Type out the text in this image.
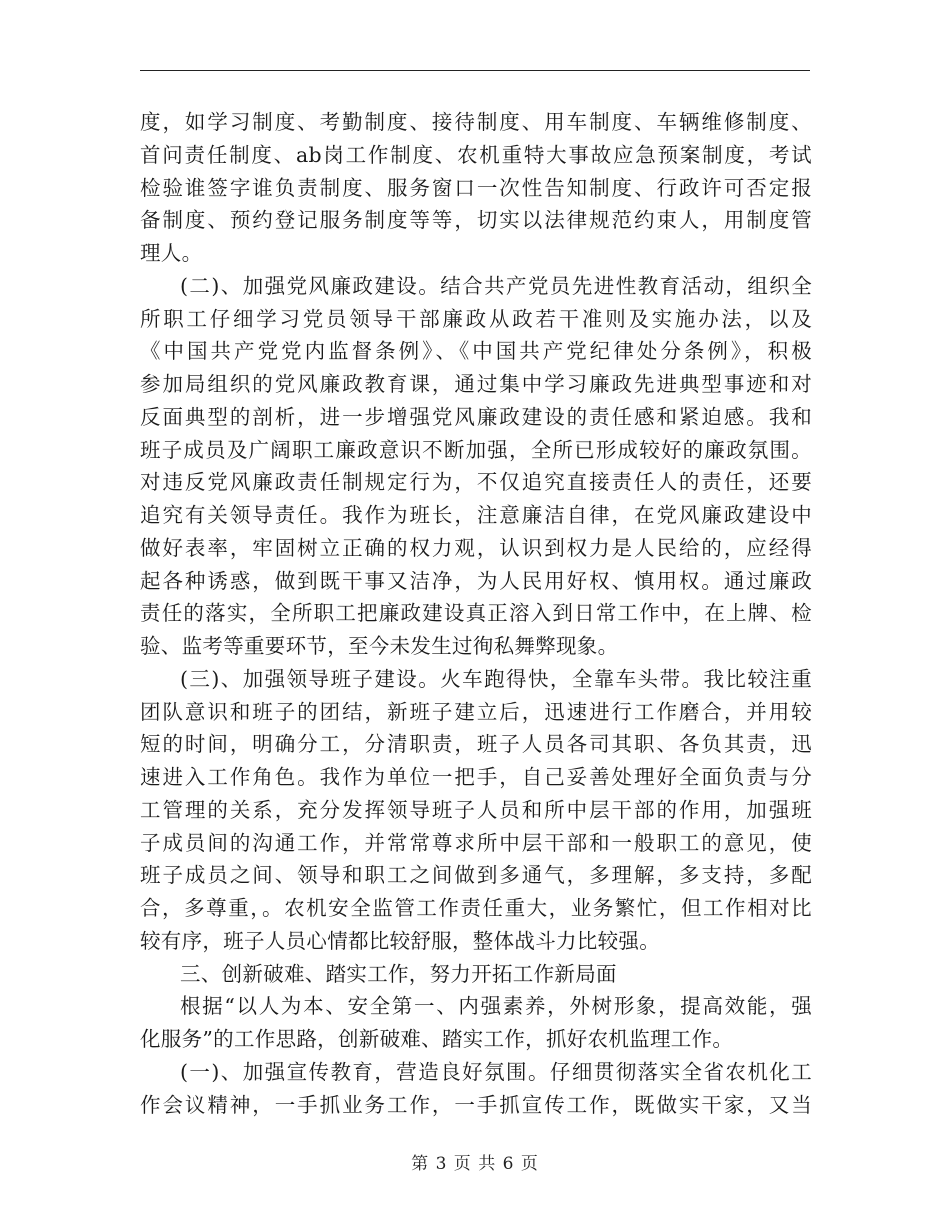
度，如学习制度、考勤制度、接待制度、用车制度、车辆维修制度、
首问责任制度、ab岗工作制度、农机重特大事故应急预案制度，考试
检验谁签字谁负责制度、服务窗口一次性告知制度、行政许可否定报
备制度、预约登记服务制度等等，切实以法律规范约束人，用制度管
理人。
(二)、加强党风廉政建设。结合共产党员先进性教育活动，组织全
所职工仔细学习党员领导干部廉政从政若干准则及实施办法，以及
《中国共产党党内监督条例》、《中国共产党纪律处分条例》，积极
参加局组织的党风廉政教育课，通过集中学习廉政先进典型事迹和对
反面典型的剖析，进一步增强党风廉政建设的责任感和紧迫感。我和
班子成员及广阔职工廉政意识不断加强，全所已形成较好的廉政氛围。
对违反党风廉政责任制规定行为，不仅追究直接责任人的责任，还要
追究有关领导责任。我作为班长，注意廉洁自律，在党风廉政建设中
做好表率，牢固树立正确的权力观，认识到权力是人民给的，应经得
起各种诱惑，做到既干事又洁净，为人民用好权、慎用权。通过廉政
责任的落实，全所职工把廉政建设真正溶入到日常工作中，在上牌、检
验、监考等重要环节，至今未发生过徇私舞弊现象。
(三)、加强领导班子建设。火车跑得快，全靠车头带。我比较注重
团队意识和班子的团结，新班子建立后，迅速进行工作磨合，并用较
短的时间，明确分工，分清职责，班子人员各司其职、各负其责，迅
速进入工作角色。我作为单位一把手，自己妥善处理好全面负责与分
工管理的关系，充分发挥领导班子人员和所中层干部的作用，加强班
子成员间的沟通工作，并常常尊求所中层干部和一般职工的意见，使
班子成员之间、领导和职工之间做到多通气，多理解，多支持，多配
合，多尊重，。农机安全监管工作责任重大，业务繁忙，但工作相对比
较有序，班子人员心情都比较舒服，整体战斗力比较强。
三、创新破难、踏实工作，努力开拓工作新局面
根据“以人为本、安全第一、内强素养，外树形象，提高效能，强
化服务”的工作思路，创新破难、踏实工作，抓好农机监理工作。
(一)、加强宣传教育，营造良好氛围。仔细贯彻落实全省农机化工
作会议精神，一手抓业务工作，一手抓宣传工作，既做实干家，又当
第 3 页 共 6 页
